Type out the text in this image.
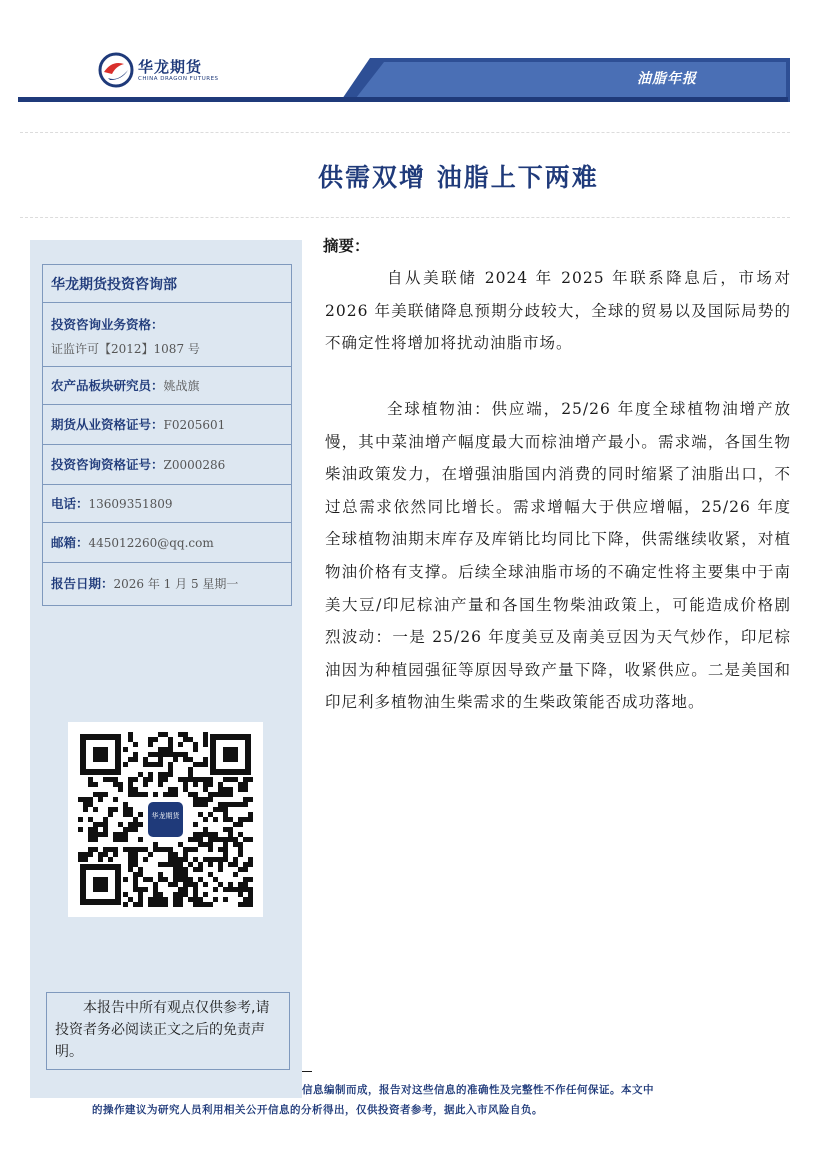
华龙期货
CHINA DRAGON FUTURES	油脂年报
供需双增 油脂上下两难
华龙期货投资咨询部
投资咨询业务资格：
证监许可【2012】1087 号
农产品板块研究员：姚战旗
期货从业资格证号：F0205601
投资咨询资格证号：Z0000286
电话：13609351809
邮箱：445012260@qq.com
报告日期：2026 年 1 月 5 星期一
华龙期货
本报告中所有观点仅供参考,请投资者务必阅读正文之后的免责声明。
摘要：

自从美联储 2024 年 2025 年联系降息后，市场对 2026 年美联储降息预期分歧较大，全球的贸易以及国际局势的不确定性将增加将扰动油脂市场。

全球植物油：供应端，25/26 年度全球植物油增产放慢，其中菜油增产幅度最大而棕油增产最小。需求端，各国生物柴油政策发力，在增强油脂国内消费的同时缩紧了油脂出口，不过总需求依然同比增长。需求增幅大于供应增幅，25/26 年度全球植物油期末库存及库销比均同比下降，供需继续收紧，对植物油价格有支撑。后续全球油脂市场的不确定性将主要集中于南美大豆/印尼棕油产量和各国生物柴油政策上，可能造成价格剧烈波动：一是 25/26 年度美豆及南美豆因为天气炒作，印尼棕油因为种植园强征等原因导致产量下降，收紧供应。二是美国和印尼利多植物油生柴需求的生柴政策能否成功落地。

信息编制而成，报告对这些信息的准确性及完整性不作任何保证。本文中
的操作建议为研究人员利用相关公开信息的分析得出，仅供投资者参考，据此入市风险自负。
